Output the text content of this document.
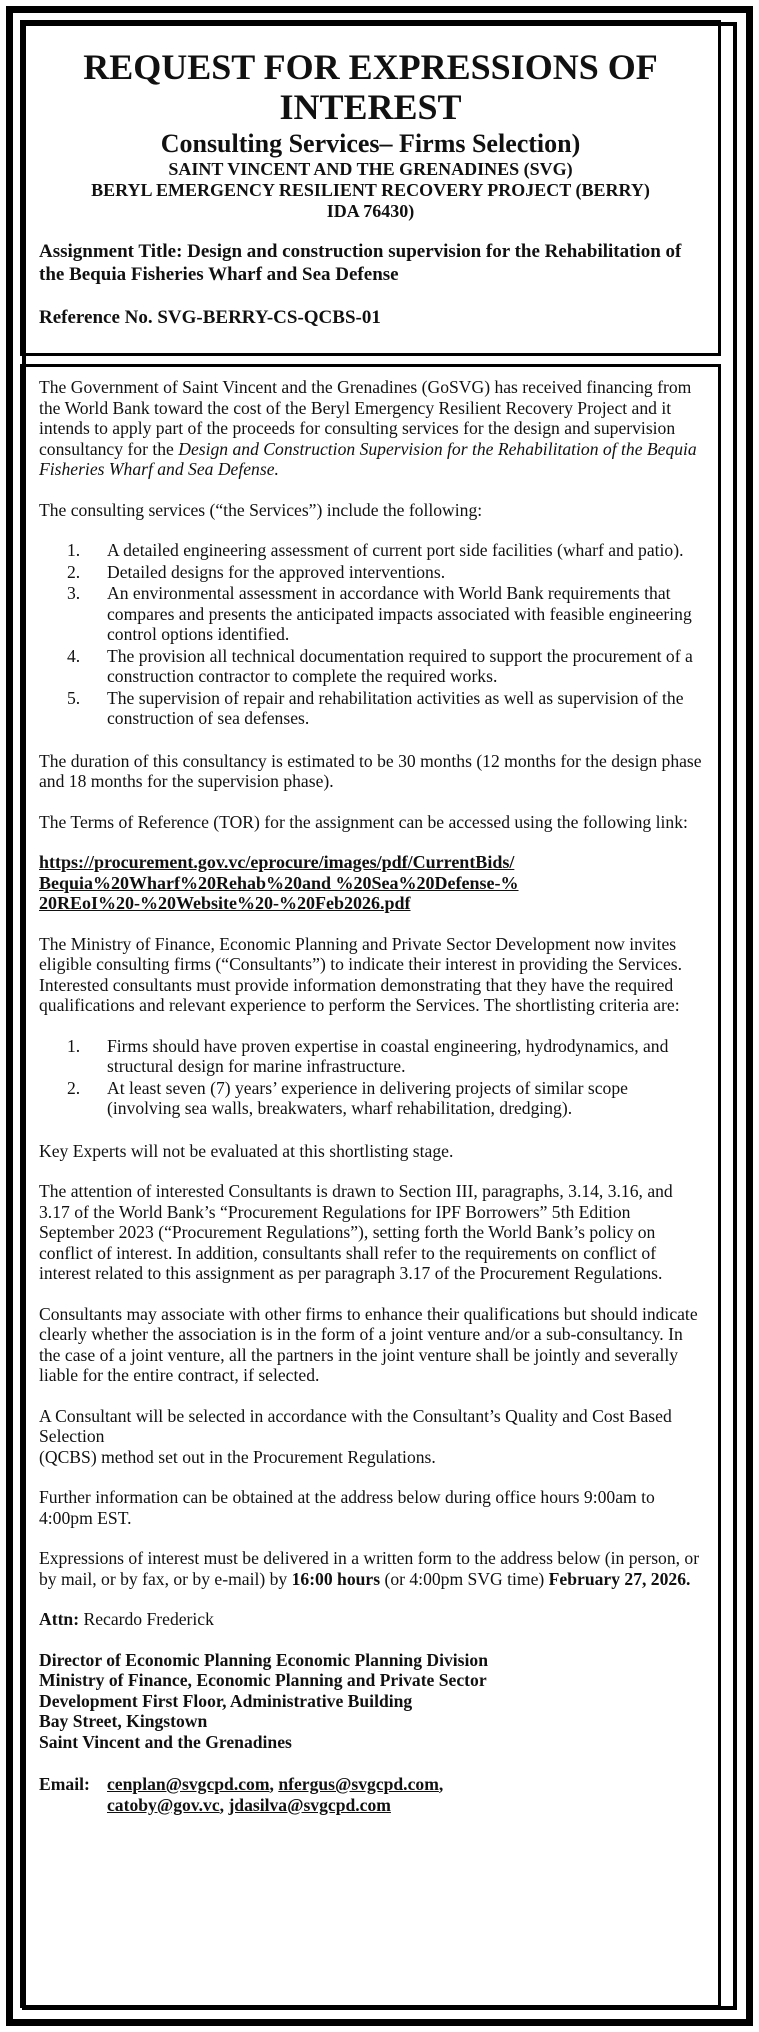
REQUEST FOR EXPRESSIONS OF INTEREST
Consulting Services– Firms Selection)
SAINT VINCENT AND THE GRENADINES (SVG)
BERYL EMERGENCY RESILIENT RECOVERY PROJECT (BERRY)
IDA 76430)
Assignment Title: Design and construction supervision for the Rehabilitation of the Bequia Fisheries Wharf and Sea Defense
Reference No. SVG-BERRY-CS-QCBS-01

The Government of Saint Vincent and the Grenadines (GoSVG) has received financing from the World Bank toward the cost of the Beryl Emergency Resilient Recovery Project and it intends to apply part of the proceeds for consulting services for the design and supervision consultancy for the Design and Construction Supervision for the Rehabilitation of the Bequia Fisheries Wharf and Sea Defense.

The consulting services (“the Services”) include the following:

1. A detailed engineering assessment of current port side facilities (wharf and patio).
2. Detailed designs for the approved interventions.
3. An environmental assessment in accordance with World Bank requirements that compares and presents the anticipated impacts associated with feasible engineering control options identified.
4. The provision all technical documentation required to support the procurement of a construction contractor to complete the required works.
5. The supervision of repair and rehabilitation activities as well as supervision of the construction of sea defenses.

The duration of this consultancy is estimated to be 30 months (12 months for the design phase and 18 months for the supervision phase).

The Terms of Reference (TOR) for the assignment can be accessed using the following link:

https://procurement.gov.vc/eprocure/images/pdf/CurrentBids/
Bequia%20Wharf%20Rehab%20and %20Sea%20Defense-%
20REoI%20-%20Website%20-%20Feb2026.pdf

The Ministry of Finance, Economic Planning and Private Sector Development now invites eligible consulting firms (“Consultants”) to indicate their interest in providing the Services. Interested consultants must provide information demonstrating that they have the required qualifications and relevant experience to perform the Services. The shortlisting criteria are:

1. Firms should have proven expertise in coastal engineering, hydrodynamics, and structural design for marine infrastructure.
2. At least seven (7) years’ experience in delivering projects of similar scope (involving sea walls, breakwaters, wharf rehabilitation, dredging).

Key Experts will not be evaluated at this shortlisting stage.

The attention of interested Consultants is drawn to Section III, paragraphs, 3.14, 3.16, and 3.17 of the World Bank’s “Procurement Regulations for IPF Borrowers” 5th Edition September 2023 (“Procurement Regulations”), setting forth the World Bank’s policy on conflict of interest. In addition, consultants shall refer to the requirements on conflict of interest related to this assignment as per paragraph 3.17 of the Procurement Regulations.

Consultants may associate with other firms to enhance their qualifications but should indicate clearly whether the association is in the form of a joint venture and/or a sub-consultancy. In the case of a joint venture, all the partners in the joint venture shall be jointly and severally liable for the entire contract, if selected.

A Consultant will be selected in accordance with the Consultant’s Quality and Cost Based Selection
(QCBS) method set out in the Procurement Regulations.

Further information can be obtained at the address below during office hours 9:00am to 4:00pm EST.

Expressions of interest must be delivered in a written form to the address below (in person, or by mail, or by fax, or by e-mail) by 16:00 hours (or 4:00pm SVG time) February 27, 2026.

Attn: Recardo Frederick

Director of Economic Planning Economic Planning Division
Ministry of Finance, Economic Planning and Private Sector
Development First Floor, Administrative Building
Bay Street, Kingstown
Saint Vincent and the Grenadines
Email: cenplan@svgcpd.com, nfergus@svgcpd.com,
catoby@gov.vc, jdasilva@svgcpd.com
